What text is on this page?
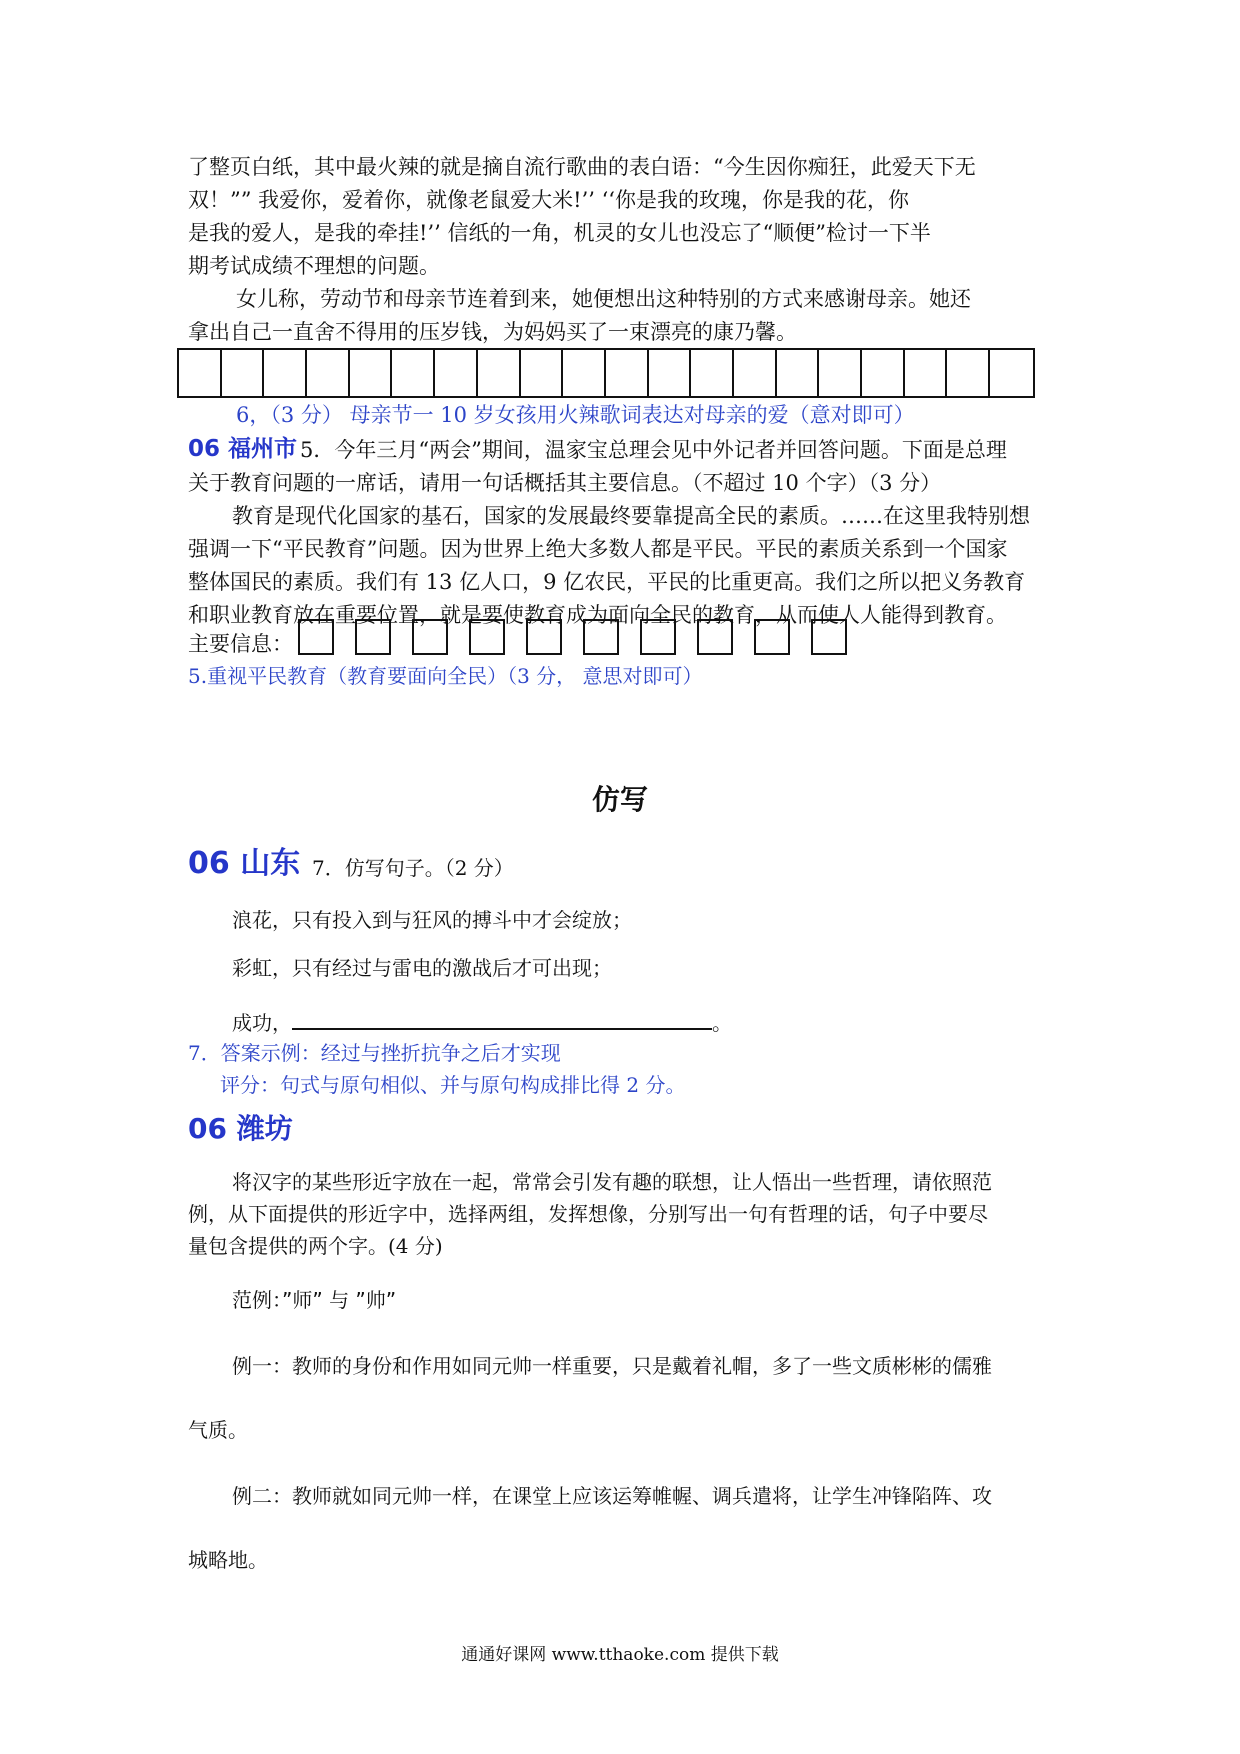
了整页白纸，其中最火辣的就是摘自流行歌曲的表白语：“今生因你痴狂，此爱天下无
双！”” 我爱你，爱着你，就像老鼠爱大米!’’ ‘‘你是我的玫瑰，你是我的花，你
是我的爱人，是我的牵挂!’’ 信纸的一角，机灵的女儿也没忘了“顺便”检讨一下半
期考试成绩不理想的问题。
女儿称，劳动节和母亲节连着到来，她便想出这种特别的方式来感谢母亲。她还
拿出自己一直舍不得用的压岁钱，为妈妈买了一束漂亮的康乃馨。
6，（3 分） 母亲节一 10 岁女孩用火辣歌词表达对母亲的爱（意对即可）
06 福州市 5．今年三月“两会”期间，温家宝总理会见中外记者并回答问题。下面是总理
关于教育问题的一席话，请用一句话概括其主要信息。（不超过 10 个字）（3 分）
教育是现代化国家的基石，国家的发展最终要靠提高全民的素质。……在这里我特别想
强调一下“平民教育”问题。因为世界上绝大多数人都是平民。平民的素质关系到一个国家
整体国民的素质。我们有 13 亿人口，9 亿农民，平民的比重更高。我们之所以把义务教育
和职业教育放在重要位置，就是要使教育成为面向全民的教育，从而使人人能得到教育。
主要信息：
5.重视平民教育（教育要面向全民）（3 分， 意思对即可）
仿写
06 山东 7．仿写句子。（2 分）
浪花，只有投入到与狂风的搏斗中才会绽放；
彩虹，只有经过与雷电的激战后才可出现；
成功，	。
7．答案示例：经过与挫折抗争之后才实现
评分：句式与原句相似、并与原句构成排比得 2 分。
06 潍坊
将汉字的某些形近字放在一起，常常会引发有趣的联想，让人悟出一些哲理，请依照范
例，从下面提供的形近字中，选择两组，发挥想像，分别写出一句有哲理的话，句子中要尽
量包含提供的两个字。(4 分)
范例：”师” 与 ”帅”
例一：教师的身份和作用如同元帅一样重要，只是戴着礼帽，多了一些文质彬彬的儒雅
气质。
例二：教师就如同元帅一样，在课堂上应该运筹帷幄、调兵遣将，让学生冲锋陷阵、攻
城略地。
通通好课网 www.tthaoke.com 提供下载
